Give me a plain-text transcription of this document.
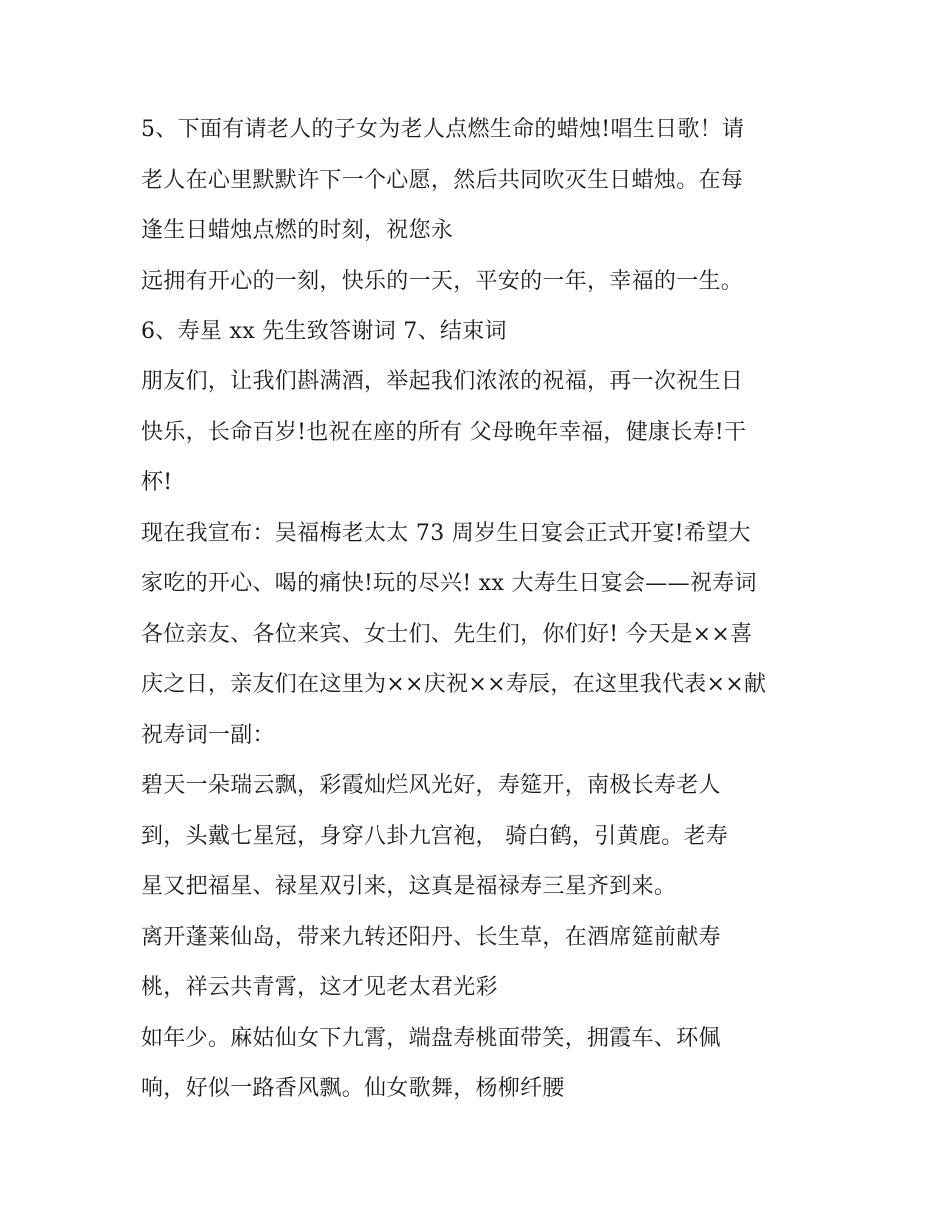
5、下面有请老人的子女为老人点燃生命的蜡烛!唱生日歌！请

老人在心里默默许下一个心愿，然后共同吹灭生日蜡烛。在每

逢生日蜡烛点燃的时刻，祝您永

远拥有开心的一刻，快乐的一天，平安的一年，幸福的一生。

6、寿星 xx 先生致答谢词 7、结束词

朋友们，让我们斟满酒，举起我们浓浓的祝福，再一次祝生日

快乐，长命百岁!也祝在座的所有 父母晚年幸福，健康长寿!干

杯!

现在我宣布：吴福梅老太太 73 周岁生日宴会正式开宴!希望大

家吃的开心、喝的痛快!玩的尽兴! xx 大寿生日宴会——祝寿词

各位亲友、各位来宾、女士们、先生们，你们好! 今天是××喜

庆之日，亲友们在这里为××庆祝××寿辰，在这里我代表××献

祝寿词一副：

碧天一朵瑞云飘，彩霞灿烂风光好，寿筵开，南极长寿老人

到，头戴七星冠，身穿八卦九宫袍， 骑白鹤，引黄鹿。老寿

星又把福星、禄星双引来，这真是福禄寿三星齐到来。

离开蓬莱仙岛，带来九转还阳丹、长生草，在酒席筵前献寿

桃，祥云共青霄，这才见老太君光彩

如年少。麻姑仙女下九霄，端盘寿桃面带笑，拥霞车、环佩

响，好似一路香风飘。仙女歌舞，杨柳纤腰
